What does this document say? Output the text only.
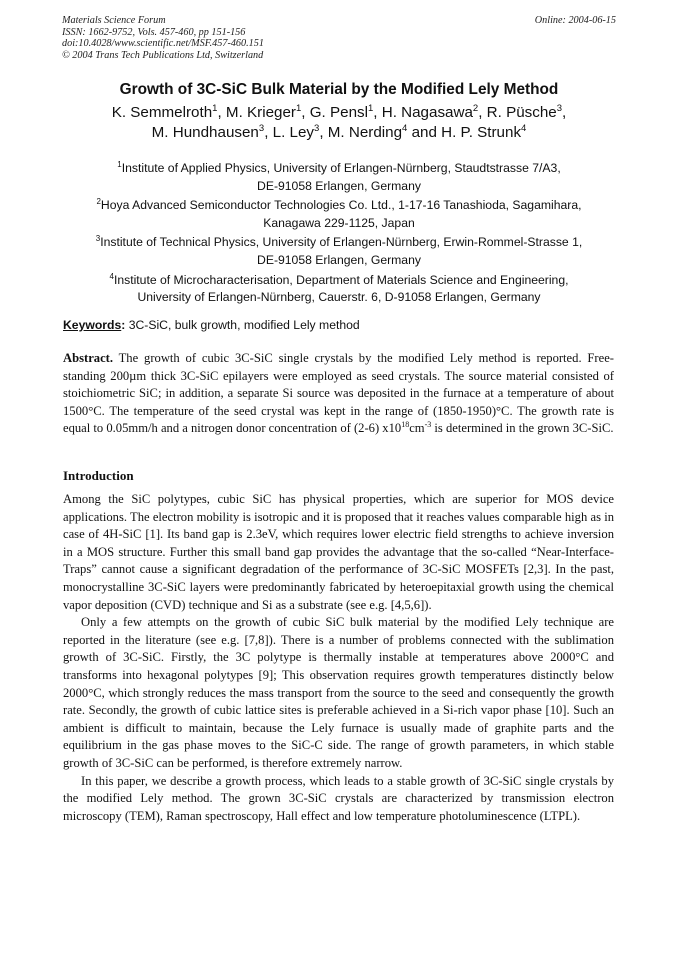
Materials Science Forum
ISSN: 1662-9752, Vols. 457-460, pp 151-156
doi:10.4028/www.scientific.net/MSF.457-460.151
© 2004 Trans Tech Publications Ltd, Switzerland
Online: 2004-06-15
Growth of 3C-SiC Bulk Material by the Modified Lely Method
K. Semmelroth$^1$, M. Krieger$^1$, G. Pensl$^1$, H. Nagasawa$^2$, R. Püsche$^3$,
M. Hundhausen$^3$, L. Ley$^3$, M. Nerding$^4$ and H. P. Strunk$^4$
$^1$Institute of Applied Physics, University of Erlangen-Nürnberg, Staudtstrasse 7/A3,
DE-91058 Erlangen, Germany
$^2$Hoya Advanced Semiconductor Technologies Co. Ltd., 1-17-16 Tanashioda, Sagamihara,
Kanagawa 229-1125, Japan
$^3$Institute of Technical Physics, University of Erlangen-Nürnberg, Erwin-Rommel-Strasse 1,
DE-91058 Erlangen, Germany
$^4$Institute of Microcharacterisation, Department of Materials Science and Engineering,
University of Erlangen-Nürnberg, Cauerstr. 6, D-91058 Erlangen, Germany
Keywords: 3C-SiC, bulk growth, modified Lely method
Abstract. The growth of cubic 3C-SiC single crystals by the modified Lely method is reported. Free-standing 200µm thick 3C-SiC epilayers were employed as seed crystals. The source material consisted of stoichiometric SiC; in addition, a separate Si source was deposited in the furnace at a temperature of about 1500°C. The temperature of the seed crystal was kept in the range of (1850-1950)°C. The growth rate is equal to 0.05mm/h and a nitrogen donor concentration of (2-6) $x10^{18}cm^{-3}$ is determined in the grown 3C-SiC.
Introduction

Among the SiC polytypes, cubic SiC has physical properties, which are superior for MOS device applications. The electron mobility is isotropic and it is proposed that it reaches values comparable high as in case of 4H-SiC [1]. Its band gap is 2.3eV, which requires lower electric field strengths to achieve inversion in a MOS structure. Further this small band gap provides the advantage that the so-called “Near-Interface-Traps” cannot cause a significant degradation of the performance of 3C-SiC MOSFETs [2,3]. In the past, monocrystalline 3C-SiC layers were predominantly fabricated by heteroepitaxial growth using the chemical vapor deposition (CVD) technique and Si as a substrate (see e.g. [4,5,6]).

Only a few attempts on the growth of cubic SiC bulk material by the modified Lely technique are reported in the literature (see e.g. [7,8]). There is a number of problems connected with the sublimation growth of 3C-SiC. Firstly, the 3C polytype is thermally instable at temperatures above 2000°C and transforms into hexagonal polytypes [9]; This observation requires growth temperatures distinctly below 2000°C, which strongly reduces the mass transport from the source to the seed and consequently the growth rate. Secondly, the growth of cubic lattice sites is preferable achieved in a Si-rich vapor phase [10]. Such an ambient is difficult to maintain, because the Lely furnace is usually made of graphite parts and the equilibrium in the gas phase moves to the SiC-C side. The range of growth parameters, in which stable growth of 3C-SiC can be performed, is therefore extremely narrow.

In this paper, we describe a growth process, which leads to a stable growth of 3C-SiC single crystals by the modified Lely method. The grown 3C-SiC crystals are characterized by transmission electron microscopy (TEM), Raman spectroscopy, Hall effect and low temperature photoluminescence (LTPL).
